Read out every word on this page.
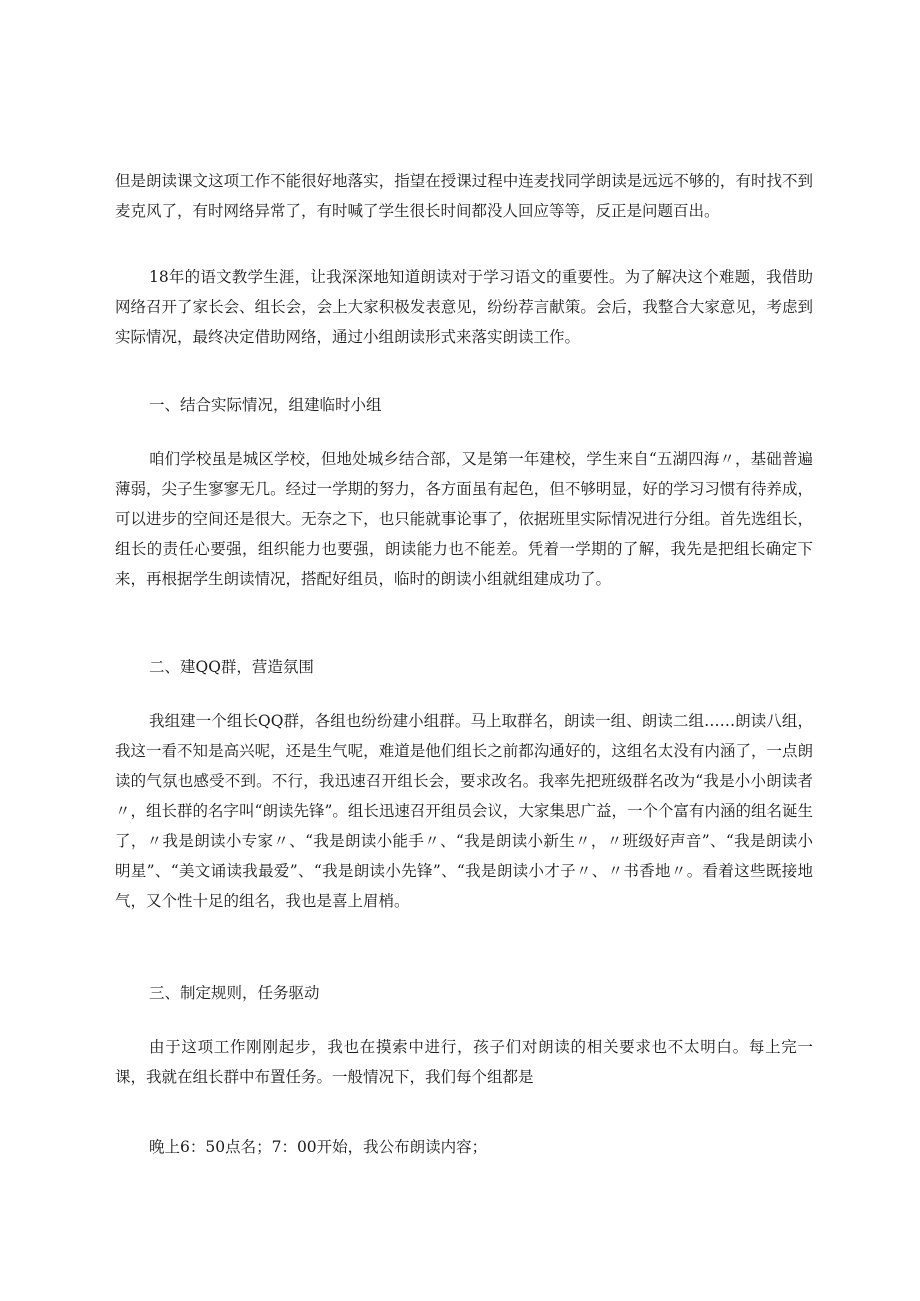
但是朗读课文这项工作不能很好地落实，指望在授课过程中连麦找同学朗读是远远不够的，有时找不到麦克风了，有时网络异常了，有时喊了学生很长时间都没人回应等等，反正是问题百出。

18年的语文教学生涯，让我深深地知道朗读对于学习语文的重要性。为了解决这个难题，我借助网络召开了家长会、组长会，会上大家积极发表意见，纷纷荐言献策。会后，我整合大家意见，考虑到实际情况，最终决定借助网络，通过小组朗读形式来落实朗读工作。

一、结合实际情况，组建临时小组

咱们学校虽是城区学校，但地处城乡结合部，又是第一年建校，学生来自“五湖四海〃，基础普遍薄弱，尖子生寥寥无几。经过一学期的努力，各方面虽有起色，但不够明显，好的学习习惯有待养成，可以进步的空间还是很大。无奈之下，也只能就事论事了，依据班里实际情况进行分组。首先选组长，组长的责任心要强，组织能力也要强，朗读能力也不能差。凭着一学期的了解，我先是把组长确定下来，再根据学生朗读情况，搭配好组员，临时的朗读小组就组建成功了。

二、建QQ群，营造氛围

我组建一个组长QQ群，各组也纷纷建小组群。马上取群名，朗读一组、朗读二组……朗读八组，我这一看不知是高兴呢，还是生气呢，难道是他们组长之前都沟通好的，这组名太没有内涵了，一点朗读的气氛也感受不到。不行，我迅速召开组长会，要求改名。我率先把班级群名改为“我是小小朗读者〃，组长群的名字叫“朗读先锋”。组长迅速召开组员会议，大家集思广益，一个个富有内涵的组名诞生了，〃我是朗读小专家〃、“我是朗读小能手〃、“我是朗读小新生〃，〃班级好声音”、“我是朗读小明星”、“美文诵读我最爱”、“我是朗读小先锋”、“我是朗读小才子〃、〃书香地〃。看着这些既接地气，又个性十足的组名，我也是喜上眉梢。

三、制定规则，任务驱动

由于这项工作刚刚起步，我也在摸索中进行，孩子们对朗读的相关要求也不太明白。每上完一课，我就在组长群中布置任务。一般情况下，我们每个组都是

晚上6：50点名；7：00开始，我公布朗读内容；
